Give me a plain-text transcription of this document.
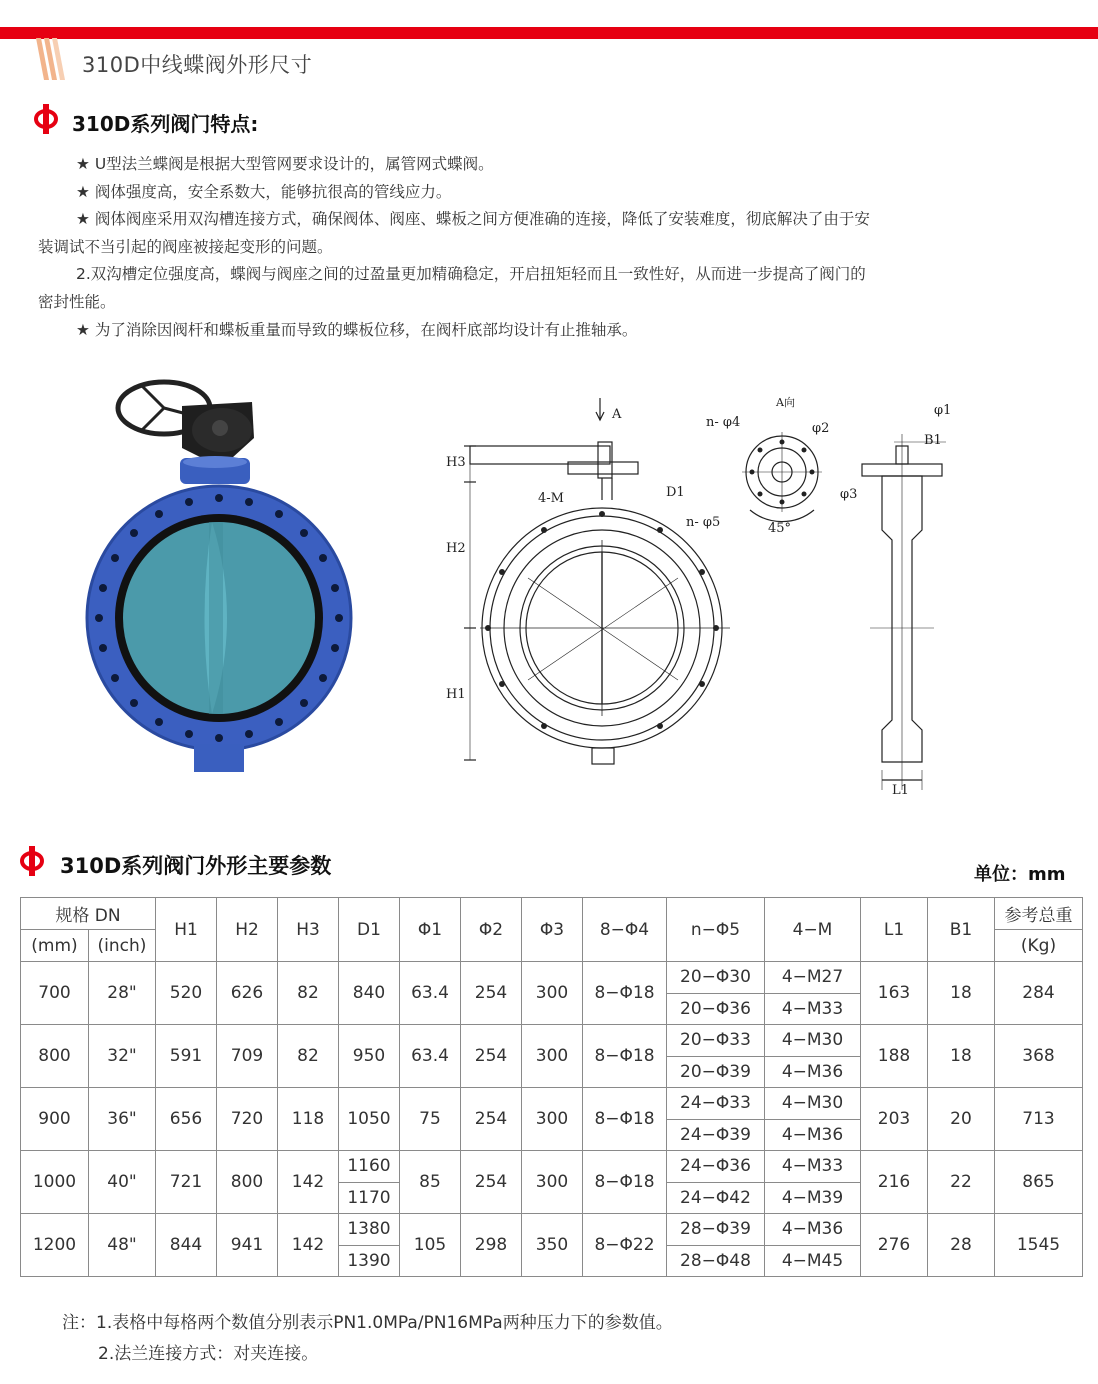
310D中线蝶阀外形尺寸
310D系列阀门特点:

★ U型法兰蝶阀是根据大型管网要求设计的，属管网式蝶阀。

★ 阀体强度高，安全系数大，能够抗很高的管线应力。

★ 阀体阀座采用双沟槽连接方式，确保阀体、阀座、蝶板之间方便准确的连接，降低了安装难度，彻底解决了由于安

装调试不当引起的阀座被接起变形的问题。

2.双沟槽定位强度高，蝶阀与阀座之间的过盈量更加精确稳定，开启扭矩轻而且一致性好，从而进一步提高了阀门的

密封性能。

★ 为了消除因阀杆和蝶板重量而导致的蝶板位移，在阀杆底部均设计有止推轴承。

A
H3
H2
H1
4-M	D1
n- φ5
n- φ4
A向
φ2
φ3
45°
φ1
B1
L1
310D系列阀门外形主要参数	单位：mm
规格 DN		H1	H2	H3	D1	Φ1	Φ2	Φ3	8−Φ4	n−Φ5	4−M	L1	B1	参考总重
(mm)	(inch)													(Kg)
700	28"	520	626	82	840	63.4	254	300	8−Φ18	20−Φ30	4−M27	163	18	284
										20−Φ36	4−M33			
800	32"	591	709	82	950	63.4	254	300	8−Φ18	20−Φ33	4−M30	188	18	368
										20−Φ39	4−M36			
900	36"	656	720	118	1050	75	254	300	8−Φ18	24−Φ33	4−M30	203	20	713
										24−Φ39	4−M36			
1000	40"	721	800	142	1160	85	254	300	8−Φ18	24−Φ36	4−M33	216	22	865
					1170					24−Φ42	4−M39			
1200	48"	844	941	142	1380	105	298	350	8−Φ22	28−Φ39	4−M36	276	28	1545
					1390					28−Φ48	4−M45			
注：1.表格中每格两个数值分别表示PN1.0MPa/PN16MPa两种压力下的参数值。
2.法兰连接方式：对夹连接。
